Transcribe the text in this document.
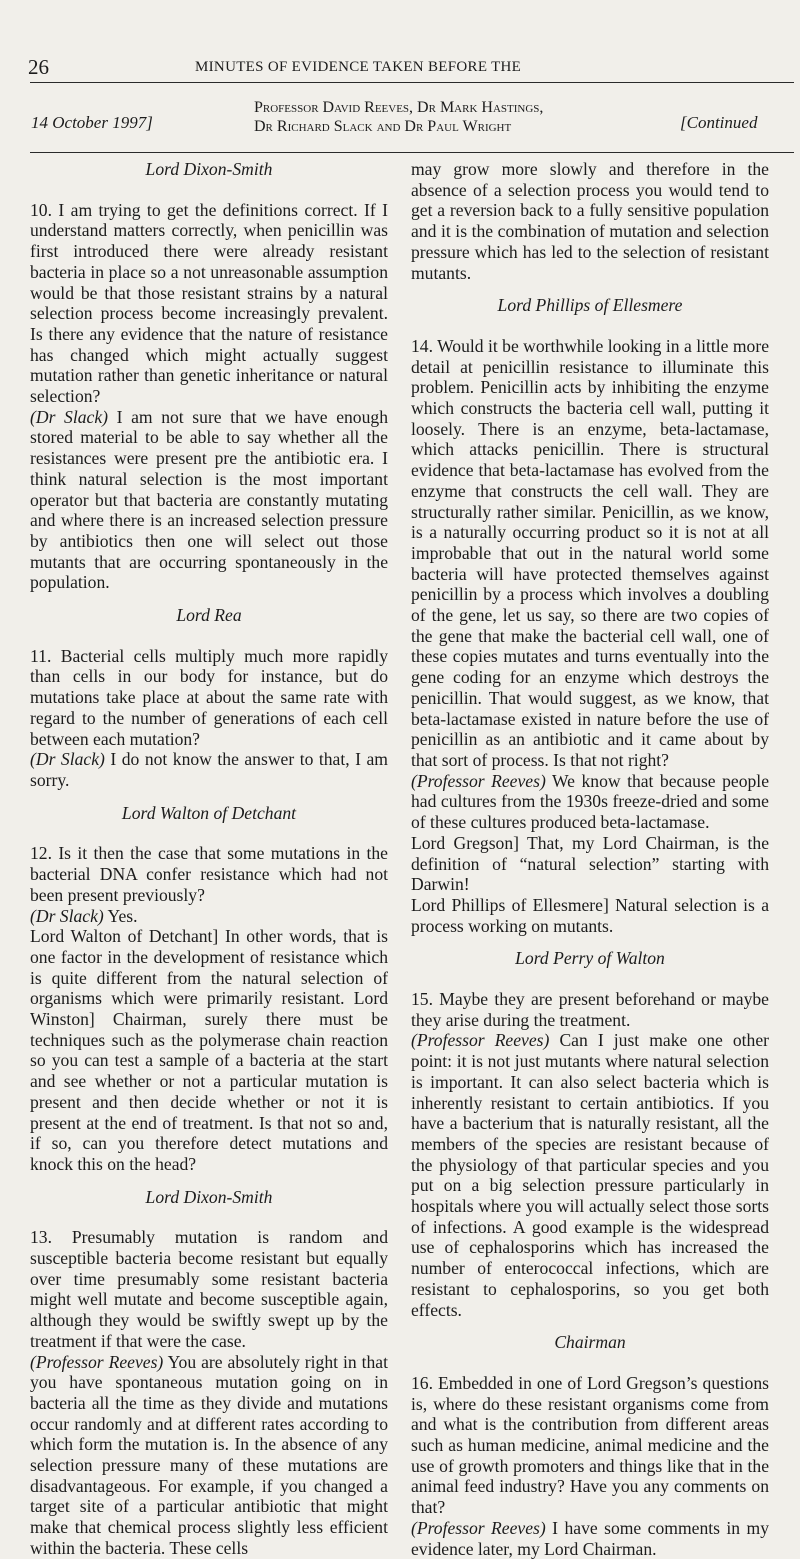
26	MINUTES OF EVIDENCE TAKEN BEFORE THE
14 October 1997]
Professor David Reeves, Dr Mark Hastings,
Dr Richard Slack and Dr Paul Wright	[Continued
Lord Dixon-Smith

10. I am trying to get the definitions correct. If I understand matters correctly, when penicillin was first introduced there were already resistant bacteria in place so a not unreasonable assumption would be that those resistant strains by a natural selection process become increasingly prevalent. Is there any evidence that the nature of resistance has changed which might actually suggest mutation rather than genetic inheritance or natural selection?

(Dr Slack) I am not sure that we have enough stored material to be able to say whether all the resistances were present pre the antibiotic era. I think natural selection is the most important operator but that bacteria are constantly mutating and where there is an increased selection pressure by antibiotics then one will select out those mutants that are occurring spontaneously in the population.

Lord Rea

11. Bacterial cells multiply much more rapidly than cells in our body for instance, but do mutations take place at about the same rate with regard to the number of generations of each cell between each mutation?

(Dr Slack) I do not know the answer to that, I am sorry.

Lord Walton of Detchant

12. Is it then the case that some mutations in the bacterial DNA confer resistance which had not been present previously?

(Dr Slack) Yes.

Lord Walton of Detchant] In other words, that is one factor in the development of resistance which is quite different from the natural selection of organisms which were primarily resistant. Lord Winston] Chairman, surely there must be techniques such as the polymerase chain reaction so you can test a sample of a bacteria at the start and see whether or not a particular mutation is present and then decide whether or not it is present at the end of treatment. Is that not so and, if so, can you therefore detect mutations and knock this on the head?

Lord Dixon-Smith

13. Presumably mutation is random and susceptible bacteria become resistant but equally over time presumably some resistant bacteria might well mutate and become susceptible again, although they would be swiftly swept up by the treatment if that were the case.

(Professor Reeves) You are absolutely right in that you have spontaneous mutation going on in bacteria all the time as they divide and mutations occur randomly and at different rates according to which form the mutation is. In the absence of any selection pressure many of these mutations are disadvantageous. For example, if you changed a target site of a particular antibiotic that might make that chemical process slightly less efficient within the bacteria. These cells

may grow more slowly and therefore in the absence of a selection process you would tend to get a reversion back to a fully sensitive population and it is the combination of mutation and selection pressure which has led to the selection of resistant mutants.

Lord Phillips of Ellesmere

14. Would it be worthwhile looking in a little more detail at penicillin resistance to illuminate this problem. Penicillin acts by inhibiting the enzyme which constructs the bacteria cell wall, putting it loosely. There is an enzyme, beta-lactamase, which attacks penicillin. There is structural evidence that beta-lactamase has evolved from the enzyme that constructs the cell wall. They are structurally rather similar. Penicillin, as we know, is a naturally occurring product so it is not at all improbable that out in the natural world some bacteria will have protected themselves against penicillin by a process which involves a doubling of the gene, let us say, so there are two copies of the gene that make the bacterial cell wall, one of these copies mutates and turns eventually into the gene coding for an enzyme which destroys the penicillin. That would suggest, as we know, that beta-lactamase existed in nature before the use of penicillin as an antibiotic and it came about by that sort of process. Is that not right?

(Professor Reeves) We know that because people had cultures from the 1930s freeze-dried and some of these cultures produced beta-lactamase.

Lord Gregson] That, my Lord Chairman, is the definition of “natural selection” starting with Darwin!

Lord Phillips of Ellesmere] Natural selection is a process working on mutants.

Lord Perry of Walton

15. Maybe they are present beforehand or maybe they arise during the treatment.

(Professor Reeves) Can I just make one other point: it is not just mutants where natural selection is important. It can also select bacteria which is inherently resistant to certain antibiotics. If you have a bacterium that is naturally resistant, all the members of the species are resistant because of the physiology of that particular species and you put on a big selection pressure particularly in hospitals where you will actually select those sorts of infections. A good example is the widespread use of cephalosporins which has increased the number of enterococcal infections, which are resistant to cephalosporins, so you get both effects.

Chairman

16. Embedded in one of Lord Gregson’s questions is, where do these resistant organisms come from and what is the contribution from different areas such as human medicine, animal medicine and the use of growth promoters and things like that in the animal feed industry? Have you any comments on that?

(Professor Reeves) I have some comments in my evidence later, my Lord Chairman.
